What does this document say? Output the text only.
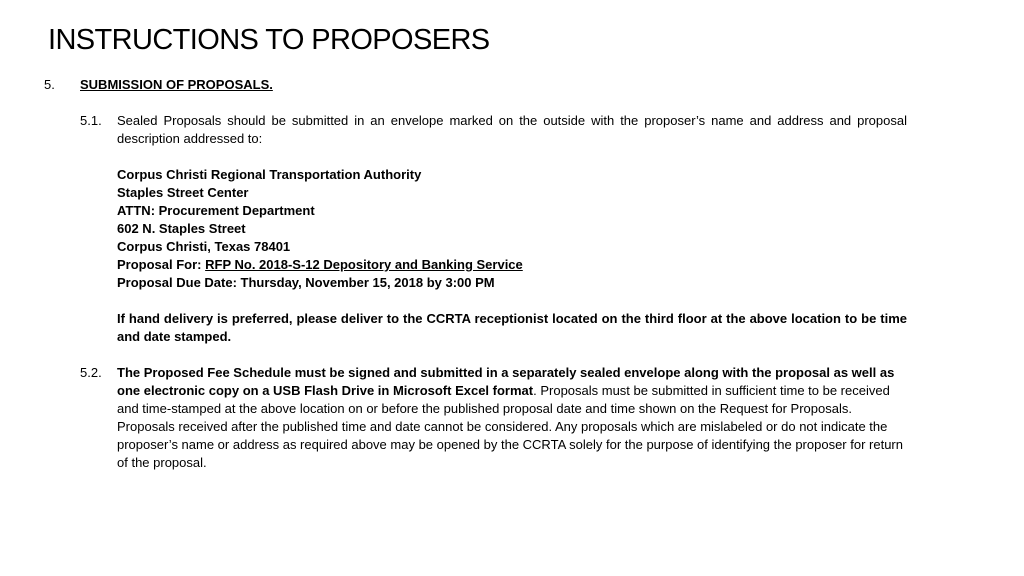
INSTRUCTIONS TO PROPOSERS
5. SUBMISSION OF PROPOSALS.
5.1. Sealed Proposals should be submitted in an envelope marked on the outside with the proposer’s name and address and proposal description addressed to:
Corpus Christi Regional Transportation Authority
Staples Street Center
ATTN: Procurement Department
602 N. Staples Street
Corpus Christi, Texas 78401
Proposal For: RFP No. 2018-S-12 Depository and Banking Service
Proposal Due Date: Thursday, November 15, 2018 by 3:00 PM
If hand delivery is preferred, please deliver to the CCRTA receptionist located on the third floor at the above location to be time and date stamped.
5.2. The Proposed Fee Schedule must be signed and submitted in a separately sealed envelope along with the proposal as well as one electronic copy on a USB Flash Drive in Microsoft Excel format. Proposals must be submitted in sufficient time to be received and time-stamped at the above location on or before the published proposal date and time shown on the Request for Proposals. Proposals received after the published time and date cannot be considered. Any proposals which are mislabeled or do not indicate the proposer’s name or address as required above may be opened by the CCRTA solely for the purpose of identifying the proposer for return of the proposal.
